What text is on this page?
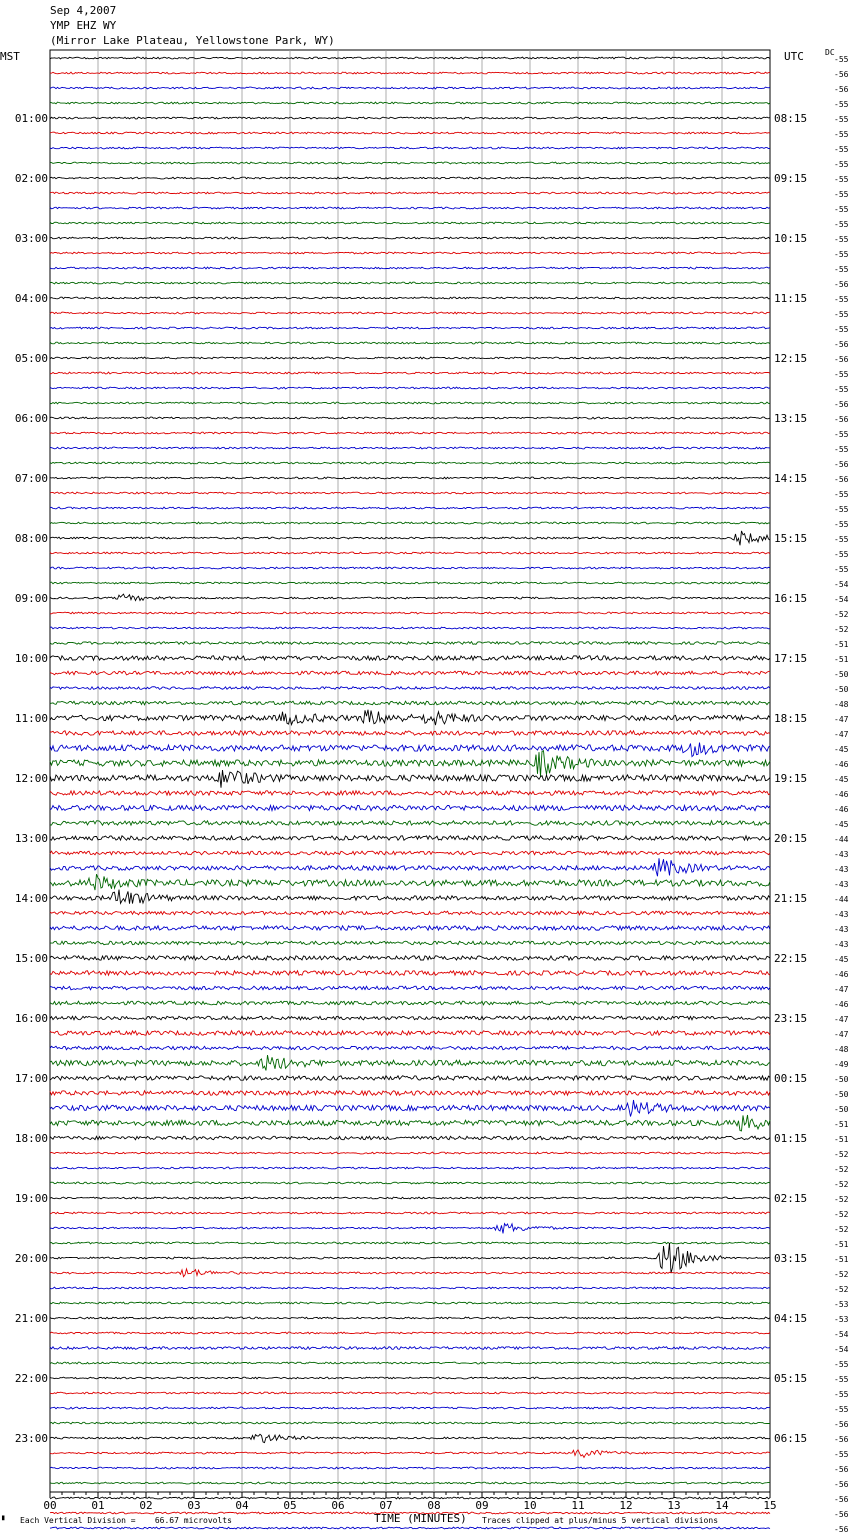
Sep 4,2007
YMP EHZ WY
(Mirror Lake Plateau, Yellowstone Park, WY)
MST	UTC	DC
00	01	02	03	04	05	06	07	08	09	10	11	12	13	14	15
-55
-56
-56
-55
-55
-55
-55
-55
-55
-55
-55
-55
-55
-55
-55
-56
-55
-55
-55
-56
-56
-55
-55
-56
-56
-55
-55
-56
-56
-55
-55
-55
-55
-55
-55
-54
-54
-52
-52
-51
-51
-50
-50
-48
-47
-47
-45
-46
-45
-46
-46
-45
-44
-43
-43
-43
-44
-43
-43
-43
-45
-46
-47
-46
-47
-47
-48
-49
-50
-50
-50
-51
-51
-52
-52
-52
-52
-52
-52
-51
-51
-52
-52
-53
-53
-54
-54
-55
-55
-55
-55
-56
-56
-55
-56
-56
-56
-56
-56
01:00
02:00
03:00
04:00
05:00
06:00
07:00
08:00
09:00
10:00
11:00
12:00
13:00
14:00
15:00
16:00
17:00
18:00
19:00
20:00
21:00
22:00
23:00
08:15
09:15
10:15
11:15
12:15
13:15
14:15
15:15
16:15
17:15
18:15
19:15
20:15
21:15
22:15
23:15
00:15
01:15
02:15
03:15
04:15
05:15
06:15
▘ Each Vertical Division =    66.67 microvolts	TIME (MINUTES) Traces clipped at plus/minus 5 vertical divisions
